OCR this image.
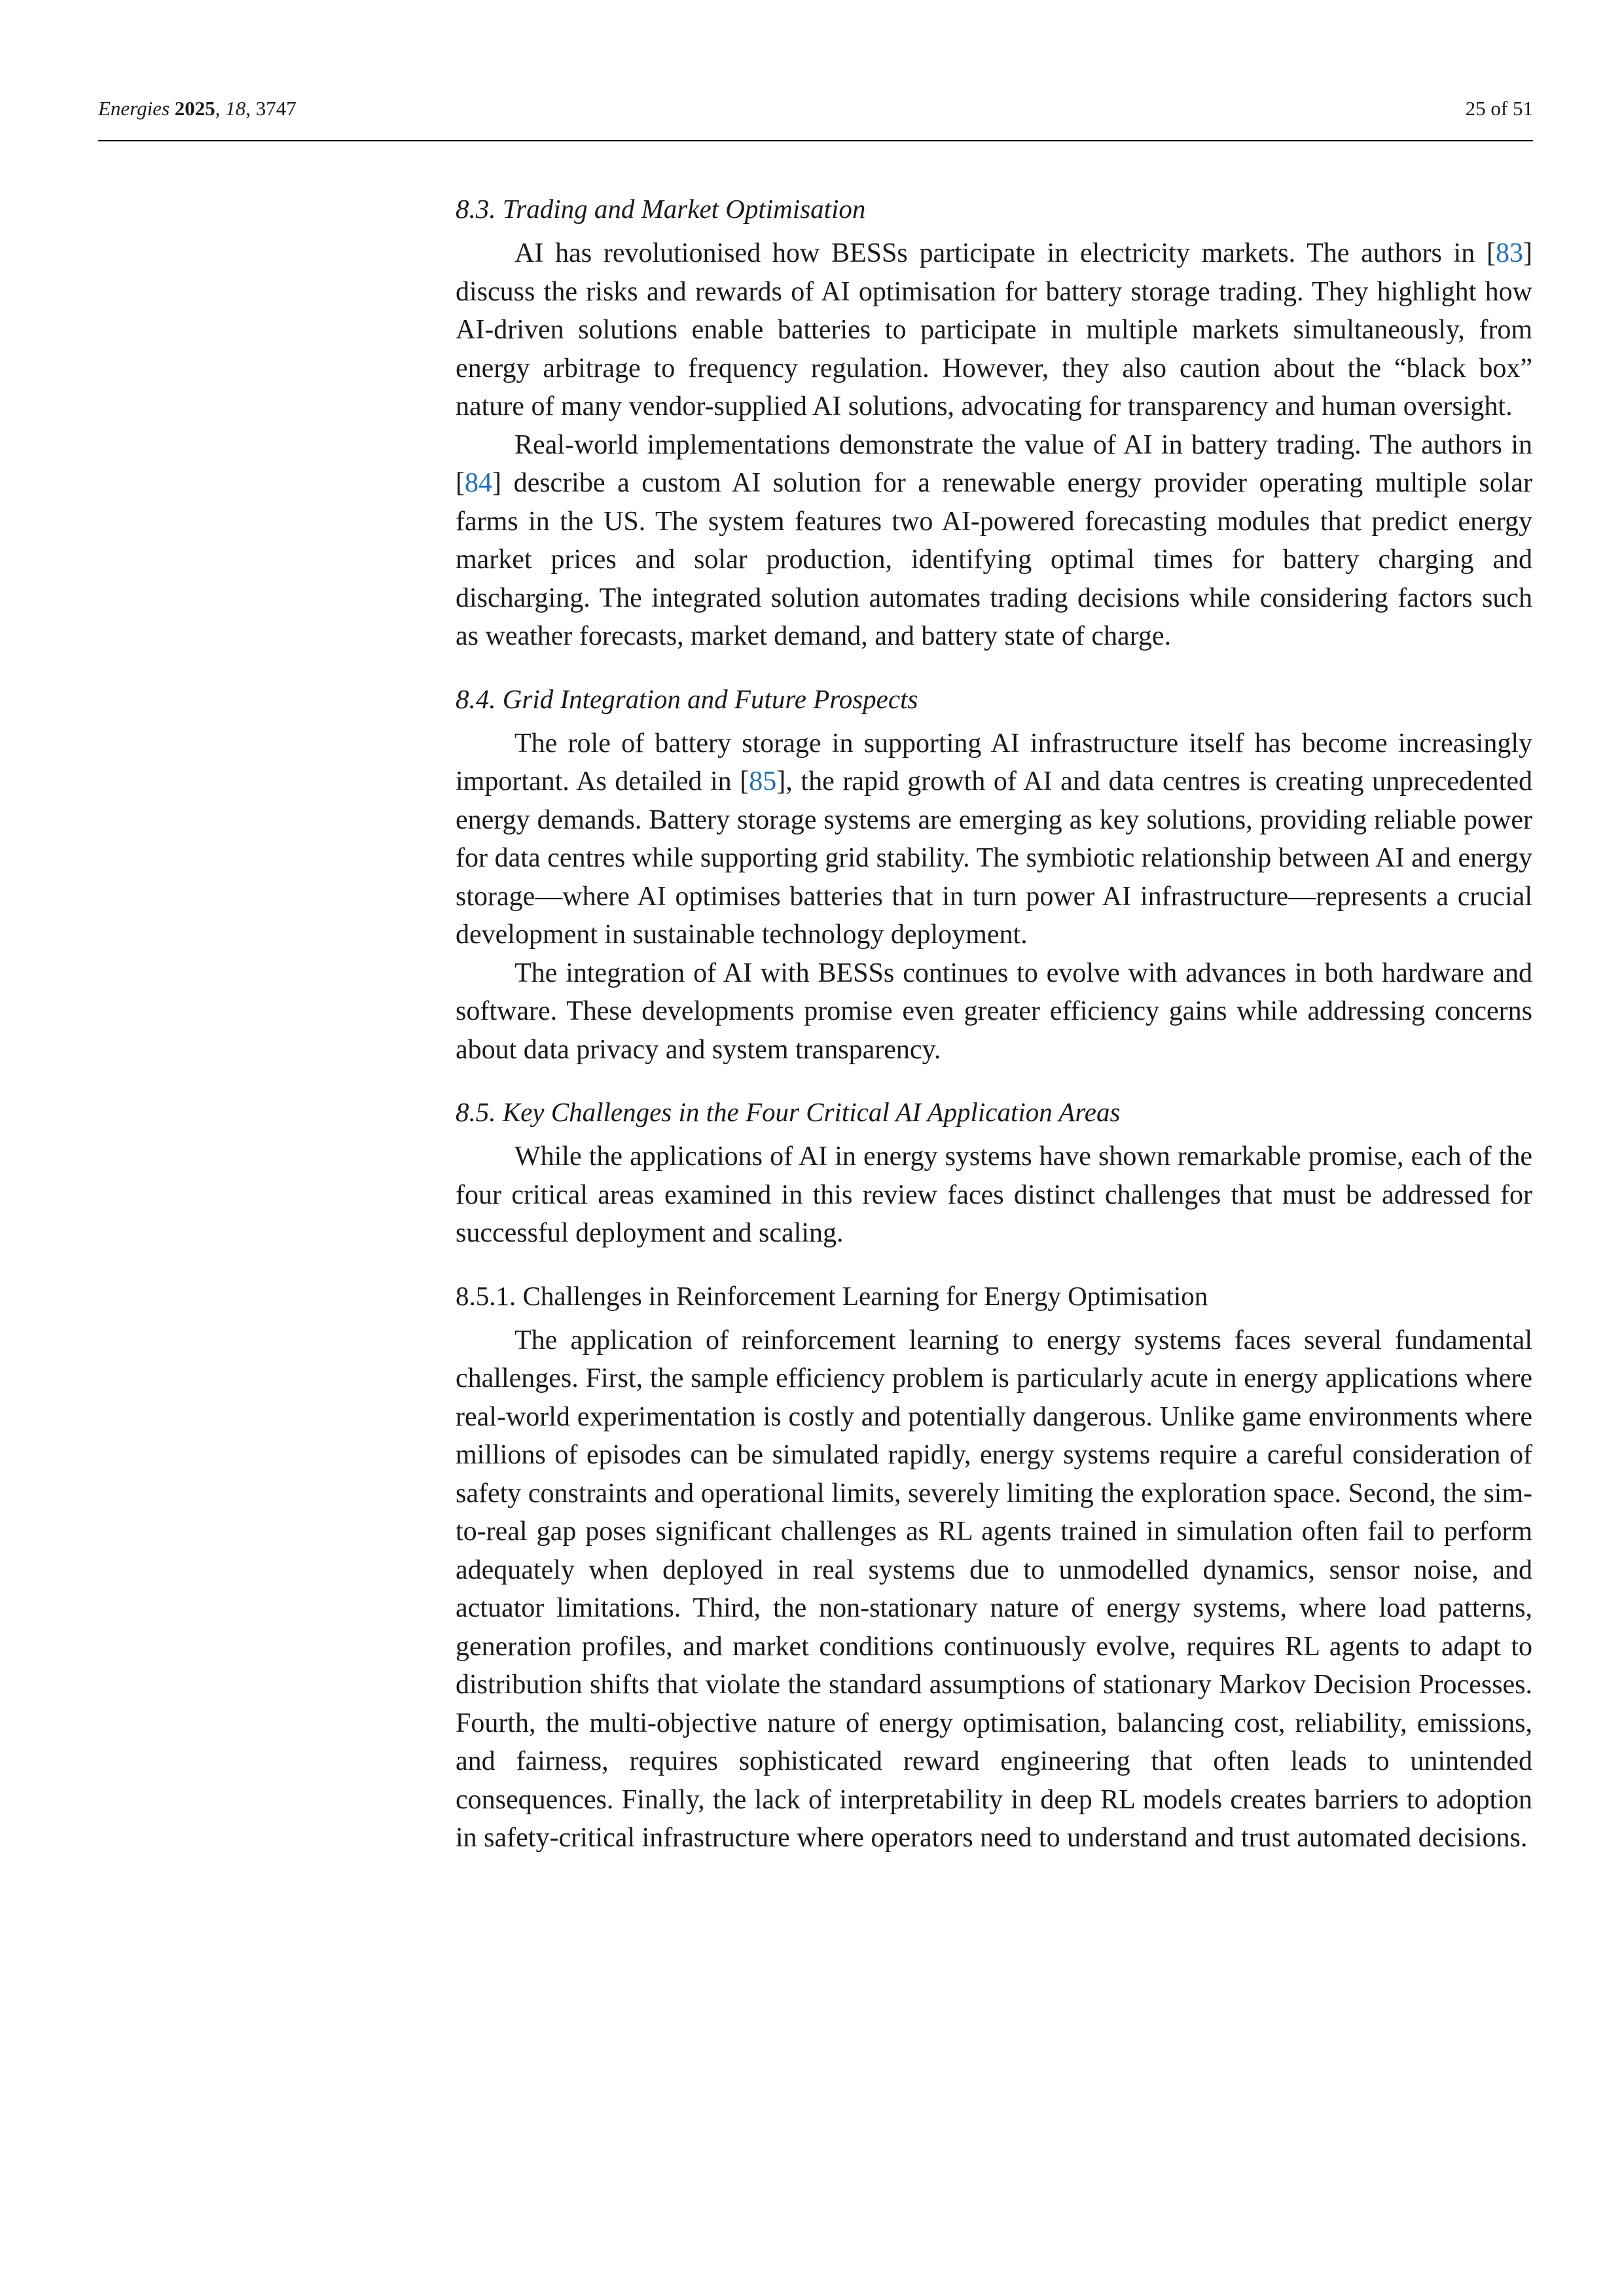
Energies 2025, 18, 3747	25 of 51
8.3. Trading and Market Optimisation

AI has revolutionised how BESSs participate in electricity markets. The authors in [83] discuss the risks and rewards of AI optimisation for battery storage trading. They highlight how AI-driven solutions enable batteries to participate in multiple markets simultaneously, from energy arbitrage to frequency regulation. However, they also caution about the “black box” nature of many vendor-supplied AI solutions, advocating for transparency and human oversight.

Real-world implementations demonstrate the value of AI in battery trading. The authors in [84] describe a custom AI solution for a renewable energy provider operating multiple solar farms in the US. The system features two AI-powered forecasting modules that predict energy market prices and solar production, identifying optimal times for battery charging and discharging. The integrated solution automates trading decisions while considering factors such as weather forecasts, market demand, and battery state of charge.

8.4. Grid Integration and Future Prospects

The role of battery storage in supporting AI infrastructure itself has become increasingly important. As detailed in [85], the rapid growth of AI and data centres is creating unprecedented energy demands. Battery storage systems are emerging as key solutions, providing reliable power for data centres while supporting grid stability. The symbiotic relationship between AI and energy storage—where AI optimises batteries that in turn power AI infrastructure—represents a crucial development in sustainable technology deployment.

The integration of AI with BESSs continues to evolve with advances in both hardware and software. These developments promise even greater efficiency gains while addressing concerns about data privacy and system transparency.

8.5. Key Challenges in the Four Critical AI Application Areas

While the applications of AI in energy systems have shown remarkable promise, each of the four critical areas examined in this review faces distinct challenges that must be addressed for successful deployment and scaling.

8.5.1. Challenges in Reinforcement Learning for Energy Optimisation

The application of reinforcement learning to energy systems faces several fundamental challenges. First, the sample efficiency problem is particularly acute in energy applications where real-world experimentation is costly and potentially dangerous. Unlike game environments where millions of episodes can be simulated rapidly, energy systems require a careful consideration of safety constraints and operational limits, severely limiting the exploration space. Second, the sim-to-real gap poses significant challenges as RL agents trained in simulation often fail to perform adequately when deployed in real systems due to unmodelled dynamics, sensor noise, and actuator limitations. Third, the non-stationary nature of energy systems, where load patterns, generation profiles, and market conditions continuously evolve, requires RL agents to adapt to distribution shifts that violate the standard assumptions of stationary Markov Decision Processes. Fourth, the multi-objective nature of energy optimisation, balancing cost, reliability, emissions, and fairness, requires sophisticated reward engineering that often leads to unintended consequences. Finally, the lack of interpretability in deep RL models creates barriers to adoption in safety-critical infrastructure where operators need to understand and trust automated decisions.
